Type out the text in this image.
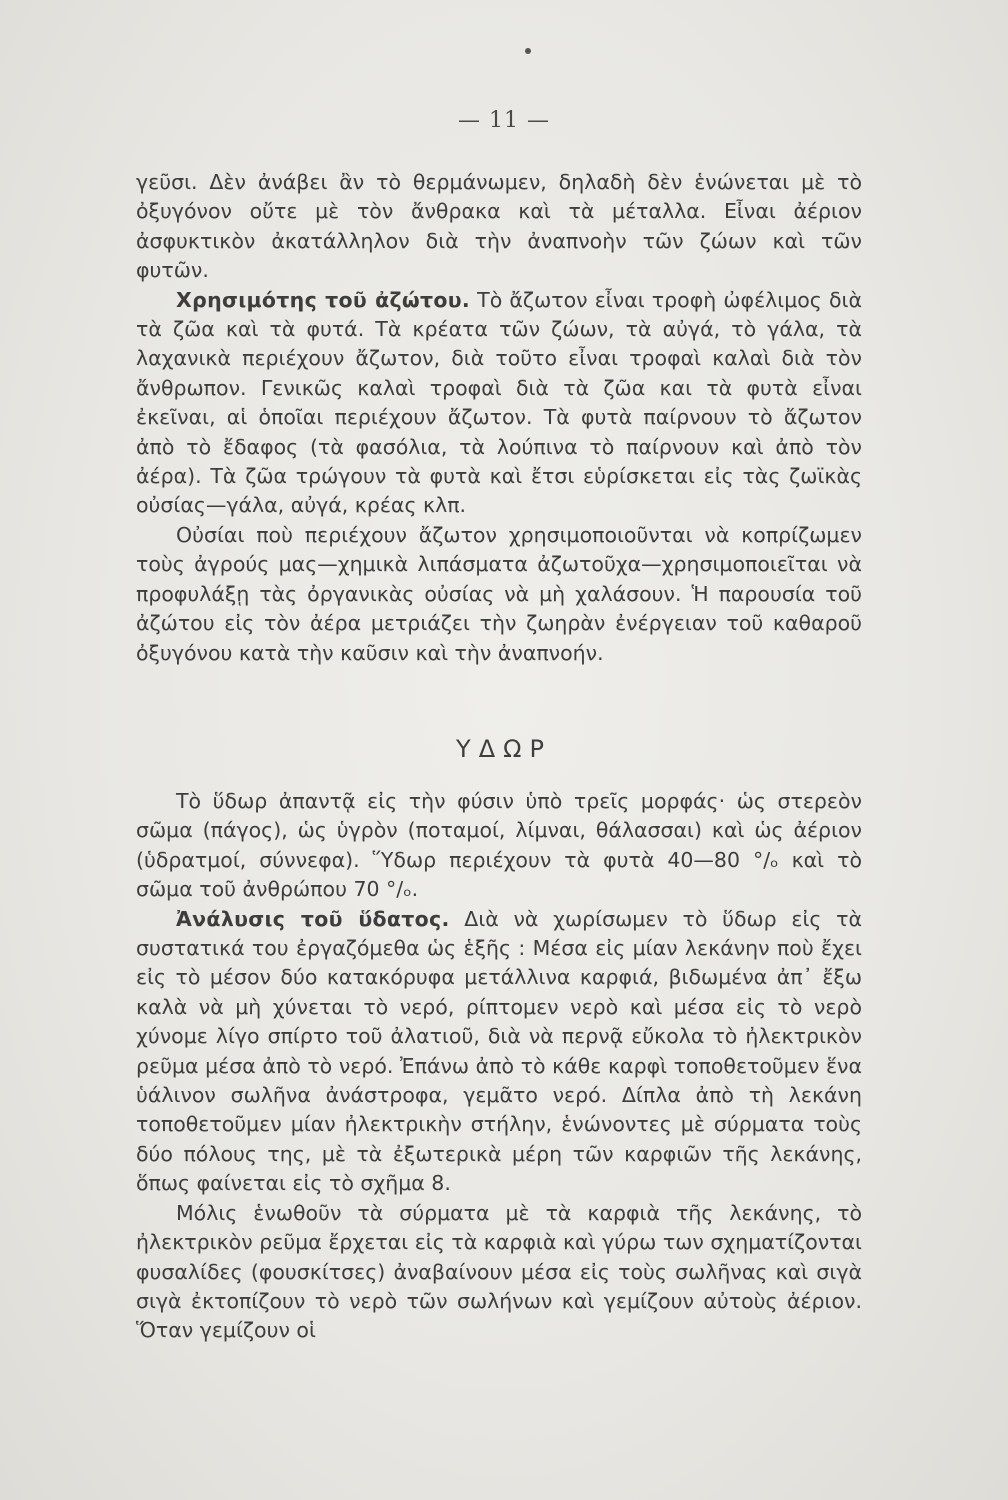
— 11 —

γεῦσι. Δὲν ἀνάβει ἂν τὸ θερμάνωμεν, δηλαδὴ δὲν ἑνώνεται μὲ τὸ ὀξυγόνον οὔτε μὲ τὸν ἄνθρακα καὶ τὰ μέταλλα. Εἶναι ἀέριον ἀσφυκτικὸν ἀκατάλληλον διὰ τὴν ἀναπνοὴν τῶν ζώων καὶ τῶν φυτῶν.

Χρησιμότης τοῦ ἀζώτου. Τὸ ἄζωτον εἶναι τροφὴ ὠφέλιμος διὰ τὰ ζῶα καὶ τὰ φυτά. Τὰ κρέατα τῶν ζώων, τὰ αὐγά, τὸ γάλα, τὰ λαχανικὰ περιέχουν ἄζωτον, διὰ τοῦτο εἶναι τροφαὶ καλαὶ διὰ τὸν ἄνθρωπον. Γενικῶς καλαὶ τροφαὶ διὰ τὰ ζῶα και τὰ φυτὰ εἶναι ἐκεῖναι, αἱ ὁποῖαι περιέχουν ἄζωτον. Τὰ φυτὰ παίρνουν τὸ ἄζωτον ἀπὸ τὸ ἔδαφος (τὰ φασόλια, τὰ λούπινα τὸ παίρνουν καὶ ἀπὸ τὸν ἀέρα). Τὰ ζῶα τρώγουν τὰ φυτὰ καὶ ἔτσι εὑρίσκεται εἰς τὰς ζωϊκὰς οὐσίας—γάλα, αὐγά, κρέας κλπ.

Οὐσίαι ποὺ περιέχουν ἄζωτον χρησιμοποιοῦνται νὰ κοπρίζωμεν τοὺς ἀγρούς μας—χημικὰ λιπάσματα ἀζωτοῦχα—χρησιμοποιεῖται νὰ προφυλάξῃ τὰς ὀργανικὰς οὐσίας νὰ μὴ χαλάσουν. Ἡ παρουσία τοῦ ἀζώτου εἰς τὸν ἀέρα μετριάζει τὴν ζωηρὰν ἐνέργειαν τοῦ καθαροῦ ὀξυγόνου κατὰ τὴν καῦσιν καὶ τὴν ἀναπνοήν.

ΥΔΩΡ

Τὸ ὕδωρ ἀπαντᾷ εἰς τὴν φύσιν ὑπὸ τρεῖς μορφάς· ὡς στερεὸν σῶμα (πάγος), ὡς ὑγρὸν (ποταμοί, λίμναι, θάλασσαι) καὶ ὡς ἀέριον (ὑδρατμοί, σύννεφα). Ὕδωρ περιέχουν τὰ φυτὰ 40—80 °/ₒ καὶ τὸ σῶμα τοῦ ἀνθρώπου 70 °/ₒ.

Ἀνάλυσις τοῦ ὕδατος. Διὰ νὰ χωρίσωμεν τὸ ὕδωρ εἰς τὰ συστατικά του ἐργαζόμεθα ὡς ἑξῆς : Μέσα εἰς μίαν λεκάνην ποὺ ἔχει εἰς τὸ μέσον δύο κατακόρυφα μετάλλινα καρφιά, βιδωμένα ἀπ᾽ ἔξω καλὰ νὰ μὴ χύνεται τὸ νερό, ρίπτομεν νερὸ καὶ μέσα εἰς τὸ νερὸ χύνομε λίγο σπίρτο τοῦ ἀλατιοῦ, διὰ νὰ περνᾷ εὔκολα τὸ ἠλεκτρικὸν ρεῦμα μέσα ἀπὸ τὸ νερό. Ἐπάνω ἀπὸ τὸ κάθε καρφὶ τοποθετοῦμεν ἕνα ὑάλινον σωλῆνα ἀνάστροφα, γεμᾶτο νερό. Δίπλα ἀπὸ τὴ λεκάνη τοποθετοῦμεν μίαν ἠλεκτρικὴν στήλην, ἑνώνοντες μὲ σύρματα τοὺς δύο πόλους της, μὲ τὰ ἐξωτερικὰ μέρη τῶν καρφιῶν τῆς λεκάνης, ὅπως φαίνεται εἰς τὸ σχῆμα 8.

Μόλις ἑνωθοῦν τὰ σύρματα μὲ τὰ καρφιὰ τῆς λεκάνης, τὸ ἠλεκτρικὸν ρεῦμα ἔρχεται εἰς τὰ καρφιὰ καὶ γύρω των σχηματίζονται φυσαλίδες (φουσκίτσες) ἀναβαίνουν μέσα εἰς τοὺς σωλῆνας καὶ σιγὰ σιγὰ ἐκτοπίζουν τὸ νερὸ τῶν σωλήνων καὶ γεμίζουν αὐτοὺς ἀέριον. Ὅταν γεμίζουν οἱ
